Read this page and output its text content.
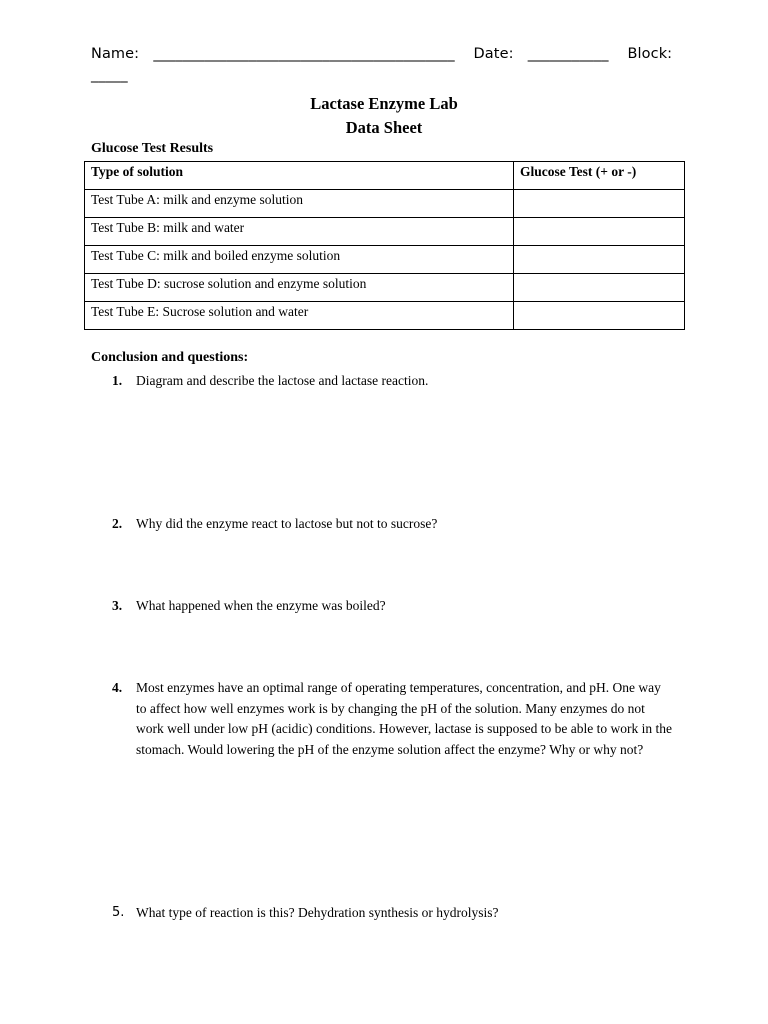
Name: _________________________________________ Date: ___________ Block:   _____
Lactase Enzyme Lab
Data Sheet
Glucose Test Results
Type of solution	Glucose Test (+ or -)
Test Tube A: milk and enzyme solution	
Test Tube B: milk and water	
Test Tube C: milk and boiled enzyme solution	
Test Tube D: sucrose solution and enzyme solution	
Test Tube E: Sucrose solution and water	
Conclusion and questions:
1. Diagram and describe the lactose and lactase reaction.
2. Why did the enzyme react to lactose but not to sucrose?
3. What happened when the enzyme was boiled?
4. Most enzymes have an optimal range of operating temperatures, concentration, and pH. One way to affect how well enzymes work is by changing the pH of the solution. Many enzymes do not work well under low pH (acidic) conditions. However, lactase is supposed to be able to work in the stomach. Would lowering the pH of the enzyme solution affect the enzyme? Why or why not?
5. What type of reaction is this? Dehydration synthesis or hydrolysis?
